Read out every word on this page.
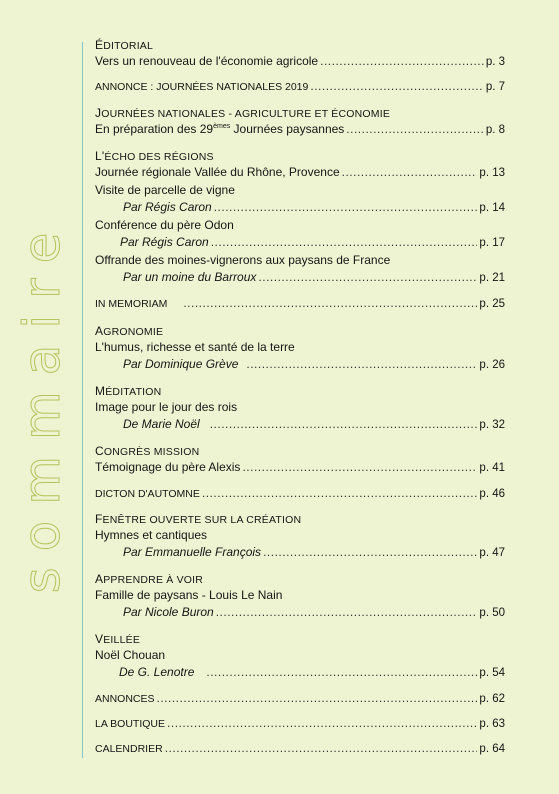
sommaire
ÉDITORIAL
Vers un renouveau de l'économie agricole .....	p. 3
ANNONCE : JOURNÉES NATIONALES 2019 .....	p. 7
JOURNÉES NATIONALES - AGRICULTURE ET ÉCONOMIE
En préparation des 29èmes Journées paysannes .....	p. 8
L'ÉCHO DES RÉGIONS
Journée régionale Vallée du Rhône, Provence .....	p. 13
Visite de parcelle de vigne
Par Régis Caron .....	p. 14
Conférence du père Odon
Par Régis Caron .....	p. 17
Offrande des moines-vignerons aux paysans de France
Par un moine du Barroux .....	p. 21
IN MEMORIAM .....	p. 25
AGRONOMIE
L'humus, richesse et santé de la terre
Par Dominique Grève .....	p. 26
MÉDITATION
Image pour le jour des rois
De Marie Noël .....	p. 32
CONGRÈS MISSION
Témoignage du père Alexis .....	p. 41
DICTON D'AUTOMNE .....	p. 46
FENÊTRE OUVERTE SUR LA CRÉATION
Hymnes et cantiques
Par Emmanuelle François .....	p. 47
APPRENDRE À VOIR
Famille de paysans - Louis Le Nain
Par Nicole Buron .....	p. 50
VEILLÉE
Noël Chouan
De G. Lenotre .....	p. 54
ANNONCES .....	p. 62
LA BOUTIQUE .....	p. 63
CALENDRIER .....	p. 64
